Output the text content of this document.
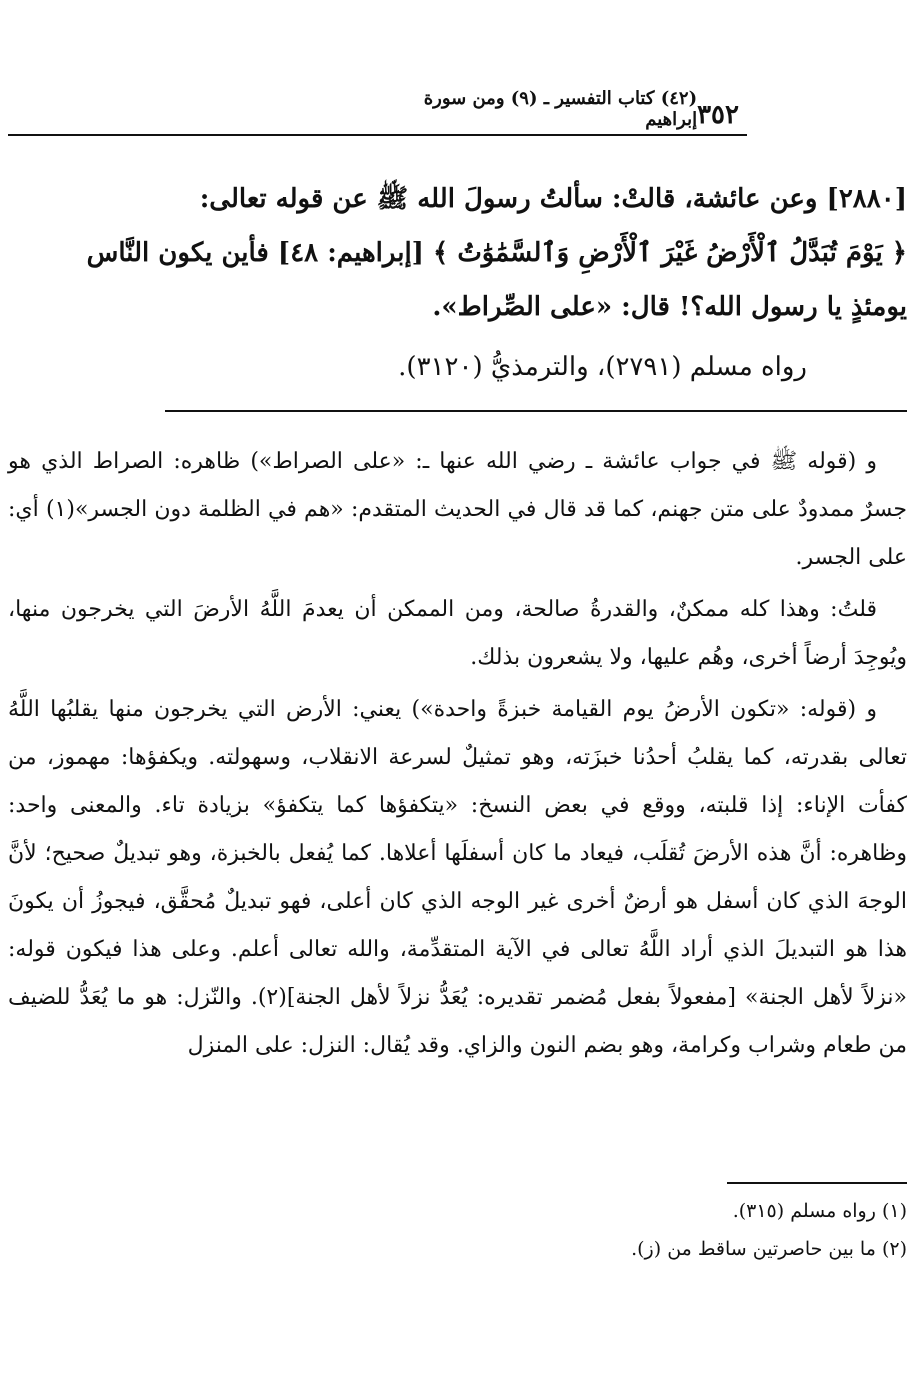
٣٥٢
(٤٢) كتاب التفسير ـ (٩) ومن سورة إبراهيم

[٢٨٨٠] وعن عائشة، قالتْ: سألتُ رسولَ الله ﷺ عن قوله تعالى:

﴿ يَوْمَ تُبَدَّلُ ٱلْأَرْضُ غَيْرَ ٱلْأَرْضِ وَٱلسَّمَٰوَٰتُ ﴾ [إبراهيم: ٤٨] فأين يكون النَّاس

يومئذٍ يا رسول الله؟! قال: «على الصِّراط».

رواه مسلم (٢٧٩١)، والترمذيُّ (٣١٢٠).

و (قوله ﷺ في جواب عائشة ـ رضي الله عنها ـ: «على الصراط») ظاهره: الصراط الذي هو جسرٌ ممدودٌ على متن جهنم، كما قد قال في الحديث المتقدم: «هم في الظلمة دون الجسر»(١) أي: على الجسر.

قلتُ: وهذا كله ممكنٌ، والقدرةُ صالحة، ومن الممكن أن يعدمَ اللَّهُ الأرضَ التي يخرجون منها، ويُوجِدَ أرضاً أخرى، وهُم عليها، ولا يشعرون بذلك.

و (قوله: «تكون الأرضُ يوم القيامة خبزةً واحدة») يعني: الأرض التي يخرجون منها يقلبُها اللَّهُ تعالى بقدرته، كما يقلبُ أحدُنا خبزَته، وهو تمثيلٌ لسرعة الانقلاب، وسهولته. ويكفؤها: مهموز، من كفأت الإناء: إذا قلبته، ووقع في بعض النسخ: «يتكفؤها كما يتكفؤ» بزيادة تاء. والمعنى واحد: وظاهره: أنَّ هذه الأرضَ تُقلَب، فيعاد ما كان أسفلَها أعلاها. كما يُفعل بالخبزة، وهو تبديلٌ صحيح؛ لأنَّ الوجهَ الذي كان أسفل هو أرضٌ أخرى غير الوجه الذي كان أعلى، فهو تبديلٌ مُحقَّق، فيجوزُ أن يكونَ هذا هو التبديلَ الذي أراد اللَّهُ تعالى في الآية المتقدِّمة، والله تعالى أعلم. وعلى هذا فيكون قوله: «نزلاً لأهل الجنة» [مفعولاً بفعل مُضمر تقديره: يُعَدُّ نزلاً لأهل الجنة](٢). والنّزل: هو ما يُعَدُّ للضيف من طعام وشراب وكرامة، وهو بضم النون والزاي. وقد يُقال: النزل: على المنزل

(١) رواه مسلم (٣١٥).

(٢) ما بين حاصرتين ساقط من (ز).
